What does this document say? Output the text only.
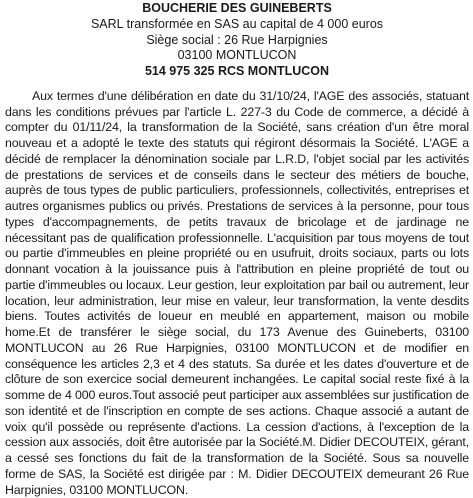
BOUCHERIE DES GUINEBERTS
SARL transformée en SAS au capital de 4 000 euros
Siège social : 26 Rue Harpignies
03100 MONTLUCON
514 975 325 RCS MONTLUCON
Aux termes d'une délibération en date du 31/10/24, l'AGE des associés, statuant dans les conditions prévues par l'article L. 227-3 du Code de commerce, a décidé à compter du 01/11/24, la transformation de la Société, sans création d'un être moral nouveau et a adopté le texte des statuts qui régiront désormais la Société. L'AGE a décidé de remplacer la dénomination sociale par L.R.D, l'objet social par les activités de prestations de services et de conseils dans le secteur des métiers de bouche, auprès de tous types de public particuliers, professionnels, collectivités, entreprises et autres organismes publics ou privés. Prestations de services à la personne, pour tous types d'accompagnements, de petits travaux de bricolage et de jardinage ne nécessitant pas de qualification professionnelle. L'acquisition par tous moyens de tout ou partie d'immeubles en pleine propriété ou en usufruit, droits sociaux, parts ou lots donnant vocation à la jouissance puis à l'attribution en pleine propriété de tout ou partie d'immeubles ou locaux. Leur gestion, leur exploitation par bail ou autrement, leur location, leur administration, leur mise en valeur, leur transformation, la vente desdits biens. Toutes activités de loueur en meublé en appartement, maison ou mobile home.Et de transférer le siège social, du 173 Avenue des Guineberts, 03100 MONTLUCON au 26 Rue Harpignies, 03100 MONTLUCON et de modifier en conséquence les articles 2,3 et 4 des statuts. Sa durée et les dates d'ouverture et de clôture de son exercice social demeurent inchangées. Le capital social reste fixé à la somme de 4 000 euros.Tout associé peut participer aux assemblées sur justification de son identité et de l'inscription en compte de ses actions. Chaque associé a autant de voix qu'il possède ou représente d'actions. La cession d'actions, à l'exception de la cession aux associés, doit être autorisée par la Société.M. Didier DECOUTEIX, gérant, a cessé ses fonctions du fait de la transformation de la Société. Sous sa nouvelle forme de SAS, la Société est dirigée par : M. Didier DECOUTEIX demeurant 26 Rue Harpignies, 03100 MONTLUCON.
